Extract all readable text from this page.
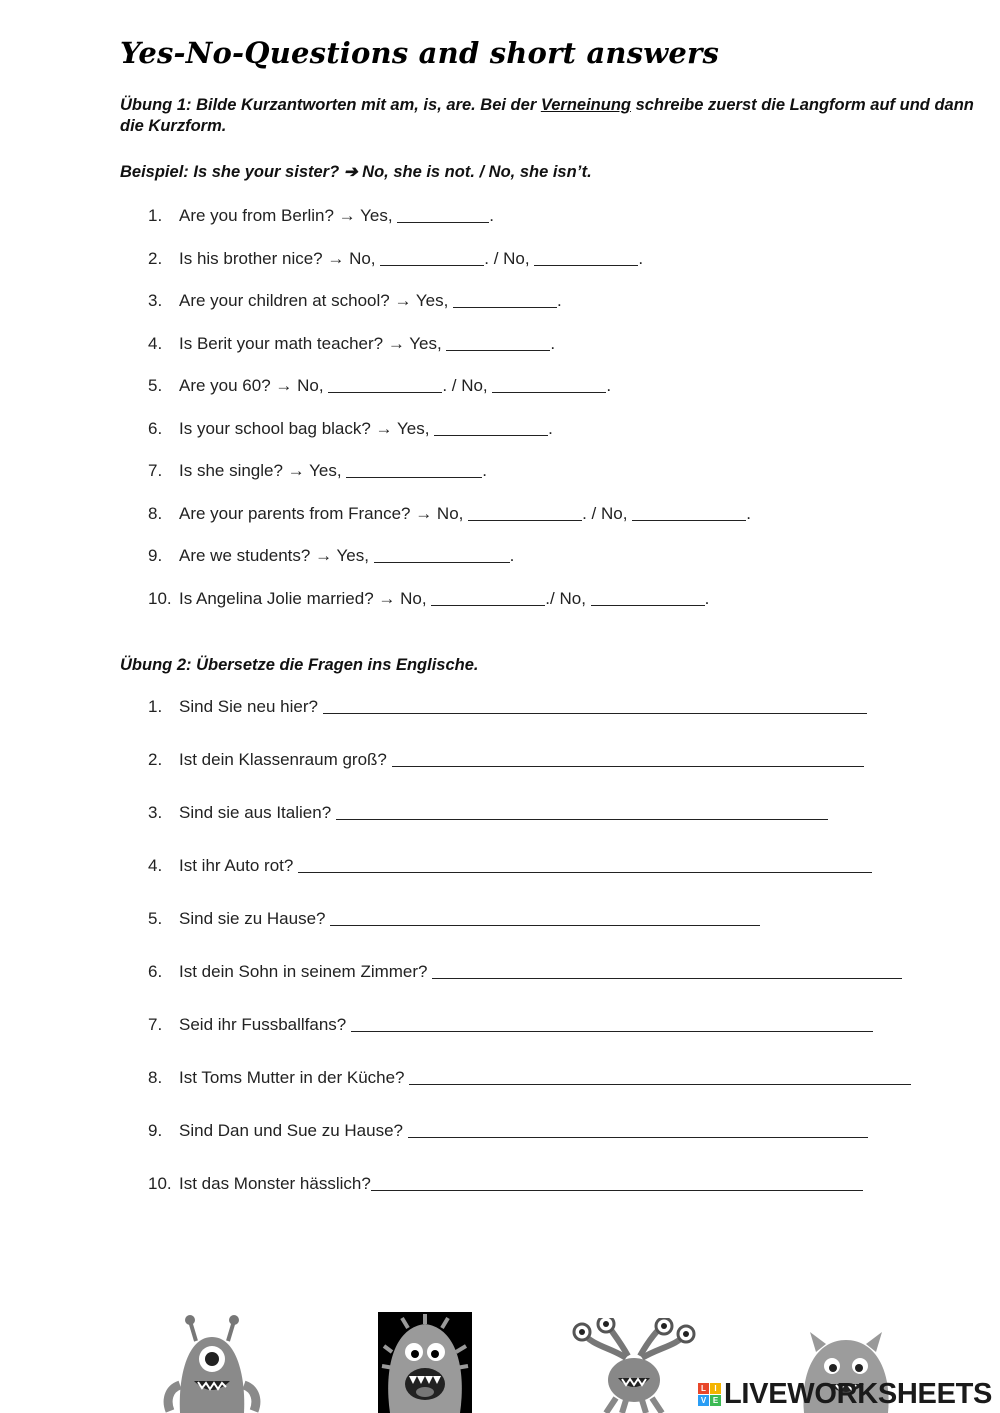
Yes-No-Questions and short answers
Übung 1: Bilde Kurzantworten mit am, is, are. Bei der Verneinung schreibe zuerst die Langform auf und dann die Kurzform.
Beispiel: Is she your sister? ➔ No, she is not. / No, she isn’t.
1. Are you from Berlin? → Yes,	.
2. Is his brother nice? → No,	. / No,	.
3. Are your children at school? → Yes,	.
4. Is Berit your math teacher? → Yes,	.
5. Are you 60? → No,	. / No,	.
6. Is your school bag black? → Yes,	.
7. Is she single? → Yes,	.
8. Are your parents from France? → No,	. / No,	.
9. Are we students? → Yes,	.
10. Is Angelina Jolie married? → No,	./ No,	.
Übung 2: Übersetze die Fragen ins Englische.
1. Sind Sie neu hier?
2. Ist dein Klassenraum groß?
3. Sind sie aus Italien?
4. Ist ihr Auto rot?
5. Sind sie zu Hause?
6. Ist dein Sohn in seinem Zimmer?
7. Seid ihr Fussballfans?
8. Ist Toms Mutter in der Küche?
9. Sind Dan und Sue zu Hause?
10. Ist das Monster hässlich?
L	I
V E LIVEWORKSHEETS
